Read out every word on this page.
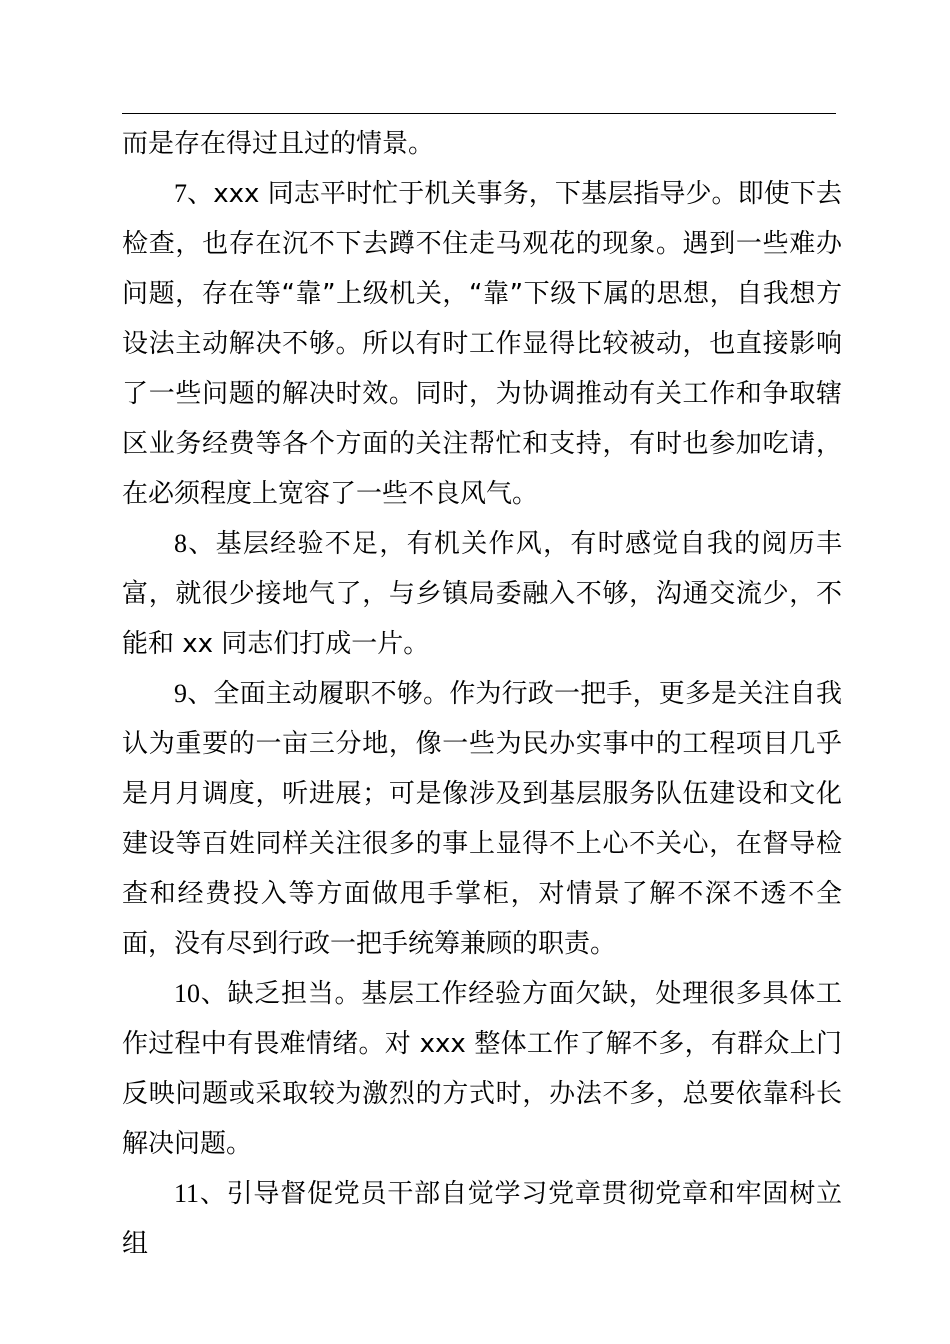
而是存在得过且过的情景。

7、xxx 同志平时忙于机关事务，下基层指导少。即使下去检查，也存在沉不下去蹲不住走马观花的现象。遇到一些难办问题，存在等“靠”上级机关，“靠”下级下属的思想，自我想方设法主动解决不够。所以有时工作显得比较被动，也直接影响了一些问题的解决时效。同时，为协调推动有关工作和争取辖区业务经费等各个方面的关注帮忙和支持，有时也参加吃请，在必须程度上宽容了一些不良风气。

8、基层经验不足，有机关作风，有时感觉自我的阅历丰富，就很少接地气了，与乡镇局委融入不够，沟通交流少，不能和 xx 同志们打成一片。

9、全面主动履职不够。作为行政一把手，更多是关注自我认为重要的一亩三分地，像一些为民办实事中的工程项目几乎是月月调度，听进展；可是像涉及到基层服务队伍建设和文化建设等百姓同样关注很多的事上显得不上心不关心，在督导检查和经费投入等方面做甩手掌柜，对情景了解不深不透不全面，没有尽到行政一把手统筹兼顾的职责。

10、缺乏担当。基层工作经验方面欠缺，处理很多具体工作过程中有畏难情绪。对 xxx 整体工作了解不多，有群众上门反映问题或采取较为激烈的方式时，办法不多，总要依靠科长解决问题。

11、引导督促党员干部自觉学习党章贯彻党章和牢固树立组
